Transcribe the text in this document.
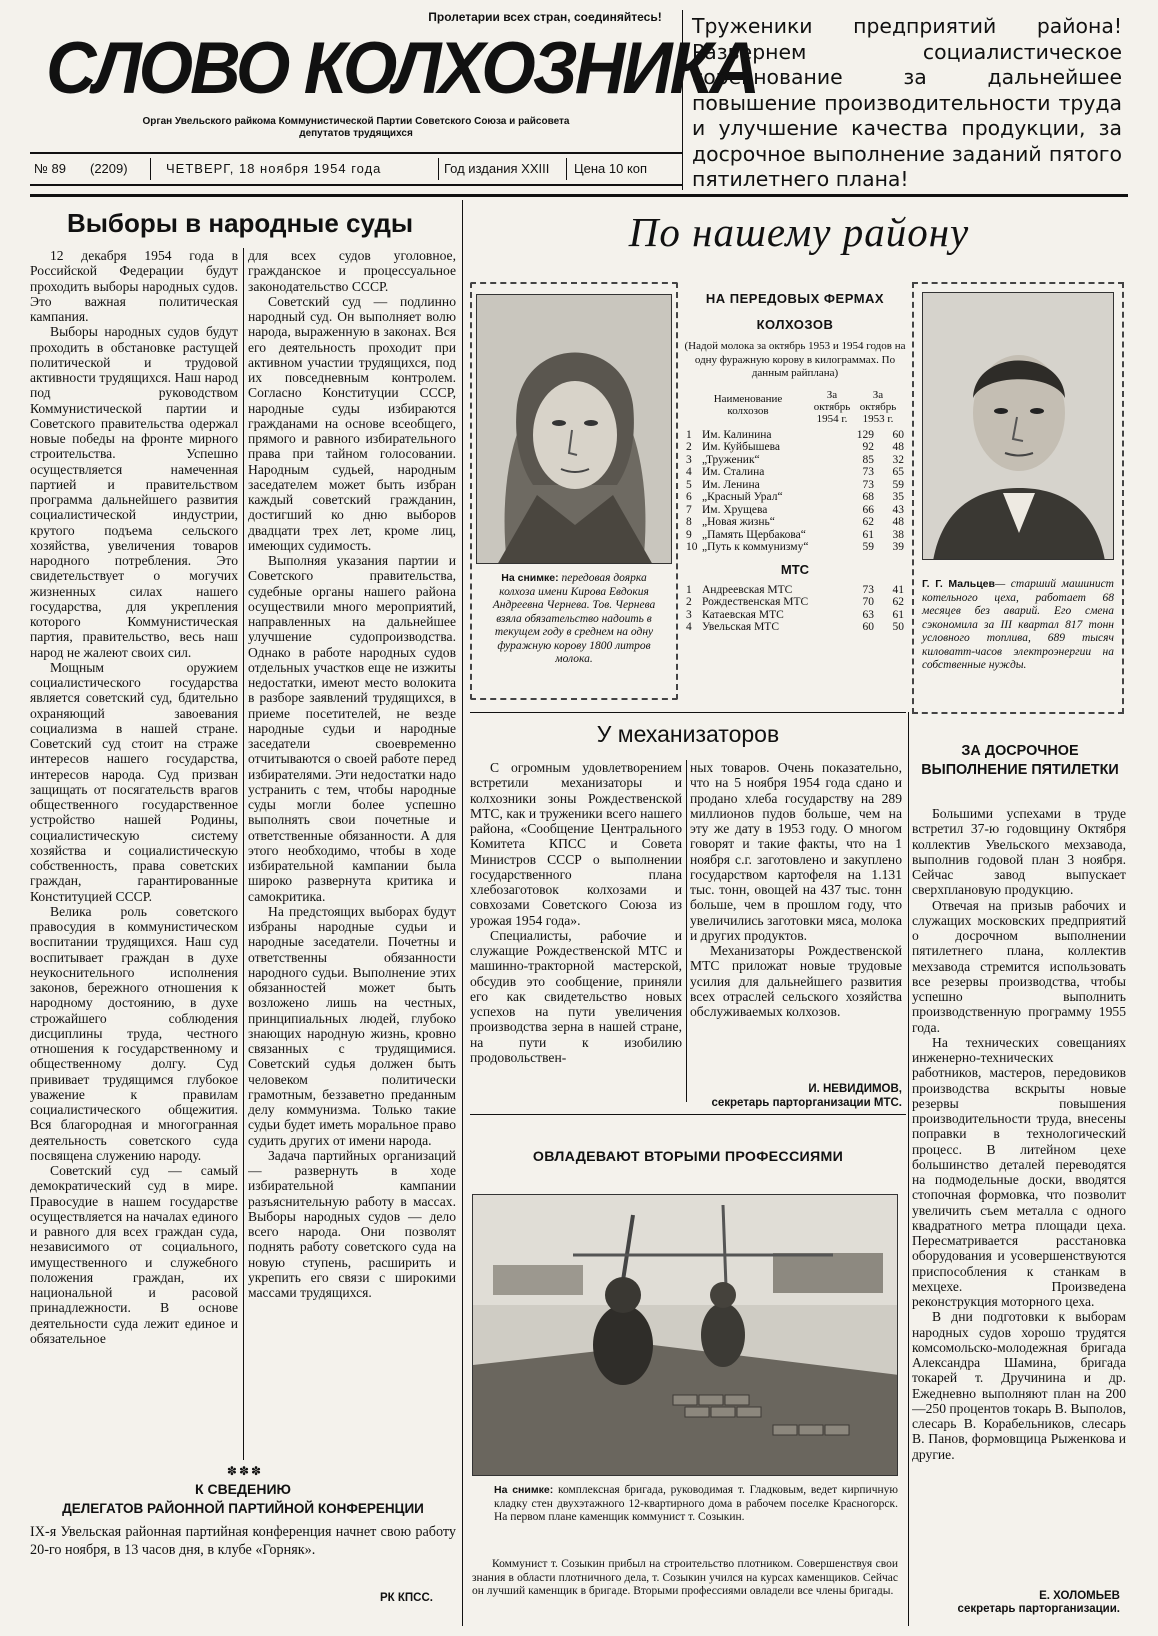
Пролетарии всех стран, соединяйтесь!
СЛОВО КОЛХОЗНИКА
Орган Увельского райкома Коммунистической Партии Советского Союза и райсовета депутатов трудящихся
Труженики предприятий района! Развернем социалистическое соревнование за дальнейшее повышение производительности труда и улучшение качества продукции, за досрочное выполнение заданий пятого пятилетнего плана!
№ 89 (2209)	ЧЕТВЕРГ, 18 ноября 1954 года	Год издания XXIII Цена 10 коп
Выборы в народные суды

12 декабря 1954 года в Российской Федерации будут проходить выборы народных судов. Это важная политическая кампания.

Выборы народных судов будут проходить в обстановке растущей политической и трудовой активности трудящихся. Наш народ под руководством Коммунистической партии и Советского правительства одержал новые победы на фронте мирного строительства. Успешно осуществляется намеченная партией и правительством программа дальнейшего развития социалистической индустрии, крутого подъема сельского хозяйства, увеличения товаров народного потребления. Это свидетельствует о могучих жизненных силах нашего государства, для укрепления которого Коммунистическая партия, правительство, весь наш народ не жалеют своих сил.

Мощным оружием социалистического государства является советский суд, бдительно охраняющий завоевания социализма в нашей стране. Советский суд стоит на страже интересов нашего государства, интересов народа. Суд призван защищать от посягательств врагов общественного государственное устройство нашей Родины, социалистическую систему хозяйства и социалистическую собственность, права советских граждан, гарантированные Конституцией СССР.

Велика роль советского правосудия в коммунистическом воспитании трудящихся. Наш суд воспитывает граждан в духе неукоснительного исполнения законов, бережного отношения к народному достоянию, в духе строжайшего соблюдения дисциплины труда, честного отношения к государственному и общественному долгу. Суд прививает трудящимся глубокое уважение к правилам социалистического общежития. Вся благородная и многогранная деятельность советского суда посвящена служению народу.

Советский суд — самый демократический суд в мире. Правосудие в нашем государстве осуществляется на началах единого и равного для всех граждан суда, независимого от социального, имущественного и служебного положения граждан, их национальной и расовой принадлежности. В основе деятельности суда лежит единое и обязательное

для всех судов уголовное, гражданское и процессуальное законодательство СССР.

Советский суд — подлинно народный суд. Он выполняет волю народа, выраженную в законах. Вся его деятельность проходит при активном участии трудящихся, под их повседневным контролем. Согласно Конституции СССР, народные суды избираются гражданами на основе всеобщего, прямого и равного избирательного права при тайном голосовании. Народным судьей, народным заседателем может быть избран каждый советский гражданин, достигший ко дню выборов двадцати трех лет, кроме лиц, имеющих судимость.

Выполняя указания партии и Советского правительства, судебные органы нашего района осуществили много мероприятий, направленных на дальнейшее улучшение судопроизводства. Однако в работе народных судов отдельных участков еще не изжиты недостатки, имеют место волокита в разборе заявлений трудящихся, в приеме посетителей, не везде народные судьи и народные заседатели своевременно отчитываются о своей работе перед избирателями. Эти недостатки надо устранить с тем, чтобы народные суды могли более успешно выполнять свои почетные и ответственные обязанности. А для этого необходимо, чтобы в ходе избирательной кампании была широко развернута критика и самокритика.

На предстоящих выборах будут избраны народные судьи и народные заседатели. Почетны и ответственны обязанности народного судьи. Выполнение этих обязанностей может быть возложено лишь на честных, принципиальных людей, глубоко знающих народную жизнь, кровно связанных с трудящимися. Советский судья должен быть человеком политически грамотным, беззаветно преданным делу коммунизма. Только такие судьи будет иметь моральное право судить других от имени народа.

Задача партийных организаций — развернуть в ходе избирательной кампании разъяснительную работу в массах. Выборы народных судов — дело всего народа. Они позволят поднять работу советского суда на новую ступень, расширить и укрепить его связи с широкими массами трудящихся.

✽✽✽
К СВЕДЕНИЮ
ДЕЛЕГАТОВ РАЙОННОЙ ПАРТИЙНОЙ КОНФЕРЕНЦИИ
IX-я Увельская районная партийная конференция начнет свою работу 20-го ноября, в 13 часов дня, в клубе «Горняк».
РК КПСС.
По нашему району
На снимке: передовая доярка колхоза имени Кирова Евдокия Андреевна Чернева. Тов. Чернева взяла обязательство надоить в текущем году в среднем на одну фуражную корову 1800 литров молока.
НА ПЕРЕДОВЫХ ФЕРМАХ КОЛХОЗОВ
(Надой молока за октябрь 1953 и 1954 годов на одну фуражную корову в килограммах. По данным райплана)
Наименование колхозов
За октябрь 1954 г.
За октябрь 1953 г.
1	Им. Калинина	129	60
2	Им. Куйбышева	92	48
3	„Труженик“	85	32
4	Им. Сталина	73	65
5	Им. Ленина	73	59
6	„Красный Урал“	68	35
7	Им. Хрущева	66	43
8	„Новая жизнь“	62	48
9	„Память Щербакова“	61	38
10	„Путь к коммунизму“	59	39
МТС
1	Андреевская МТС	73	41
2	Рождественская МТС	70	62
3	Катаевская МТС	63	61
4	Увельская МТС	60	50
Г. Г. Мальцев— старший машинист котельного цеха, работает 68 месяцев без аварий. Его смена сэкономила за III квартал 817 тонн условного топлива, 689 тысяч киловатт-часов электроэнергии на собственные нужды.
У механизаторов

С огромным удовлетворением встретили механизаторы и колхозники зоны Рождественской МТС, как и труженики всего нашего района, «Сообщение Центрального Комитета КПСС и Совета Министров СССР о выполнении государственного плана хлебозаготовок колхозами и совхозами Советского Союза из урожая 1954 года».

Специалисты, рабочие и служащие Рождественской МТС и машинно-тракторной мастерской, обсудив это сообщение, приняли его как свидетельство новых успехов на пути увеличения производства зерна в нашей стране, на пути к изобилию продовольствен-

ных товаров. Очень показательно, что на 5 ноября 1954 года сдано и продано хлеба государству на 289 миллионов пудов больше, чем на эту же дату в 1953 году. О многом говорят и такие факты, что на 1 ноября с.г. заготовлено и закуплено государством картофеля на 1.131 тыс. тонн, овощей на 437 тыс. тонн больше, чем в прошлом году, что увеличились заготовки мяса, молока и других продуктов.

Механизаторы Рождественской МТС приложат новые трудовые усилия для дальнейшего развития всех отраслей сельского хозяйства обслуживаемых колхозов.

И. НЕВИДИМОВ,
секретарь парторганизации МТС.
ОВЛАДЕВАЮТ ВТОРЫМИ ПРОФЕССИЯМИ
На снимке: комплексная бригада, руководимая т. Гладковым, ведет кирпичную кладку стен двухэтажного 12-квартирного дома в рабочем поселке Красногорск. На первом плане каменщик коммунист т. Созыкин.
Коммунист т. Созыкин прибыл на строительство плотником. Совершенствуя свои знания в области плотничного дела, т. Созыкин учился на курсах каменщиков. Сейчас он лучший каменщик в бригаде. Вторыми профессиями овладели все члены бригады.
ЗА ДОСРОЧНОЕ ВЫПОЛНЕНИЕ ПЯТИЛЕТКИ

Большими успехами в труде встретил 37-ю годовщину Октября коллектив Увельского мехзавода, выполнив годовой план 3 ноября. Сейчас завод выпускает сверхплановую продукцию.

Отвечая на призыв рабочих и служащих московских предприятий о досрочном выполнении пятилетнего плана, коллектив мехзавода стремится использовать все резервы производства, чтобы успешно выполнить производственную программу 1955 года.

На технических совещаниях инженерно-технических работников, мастеров, передовиков производства вскрыты новые резервы повышения производительности труда, внесены поправки в технологический процесс. В литейном цехе большинство деталей переводятся на подмодельные доски, вводятся стопочная формовка, что позволит увеличить съем металла с одного квадратного метра площади цеха. Пересматривается расстановка оборудования и усовершенствуются приспособления к станкам в мехцехе. Произведена реконструкция моторного цеха.

В дни подготовки к выборам народных судов хорошо трудятся комсомольско-молодежная бригада Александра Шамина, бригада токарей т. Дручинина и др. Ежедневно выполняют план на 200—250 процентов токарь В. Выполов, слесарь В. Корабельников, слесарь В. Панов, формовщица Рыженкова и другие.

Е. ХОЛОМЬЕВ
секретарь парторганизации.
